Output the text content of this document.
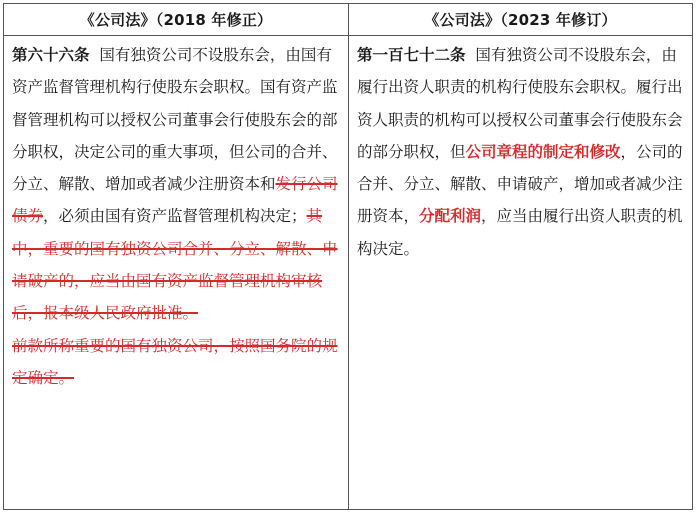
《公司法》（2018 年修正）

第六十六条 国有独资公司不设股东会，由国有资产监督管理机构行使股东会职权。国有资产监督管理机构可以授权公司董事会行使股东会的部分职权，决定公司的重大事项，但公司的合并、分立、解散、增加或者减少注册资本和发行公司债券，必须由国有资产监督管理机构决定；其中，重要的国有独资公司合并、分立、解散、申请破产的，应当由国有资产监督管理机构审核后，报本级人民政府批准。

前款所称重要的国有独资公司，按照国务院的规定确定。

《公司法》（2023 年修订）

第一百七十二条 国有独资公司不设股东会，由履行出资人职责的机构行使股东会职权。履行出资人职责的机构可以授权公司董事会行使股东会的部分职权，但公司章程的制定和修改，公司的合并、分立、解散、申请破产，增加或者减少注册资本，分配利润，应当由履行出资人职责的机构决定。
